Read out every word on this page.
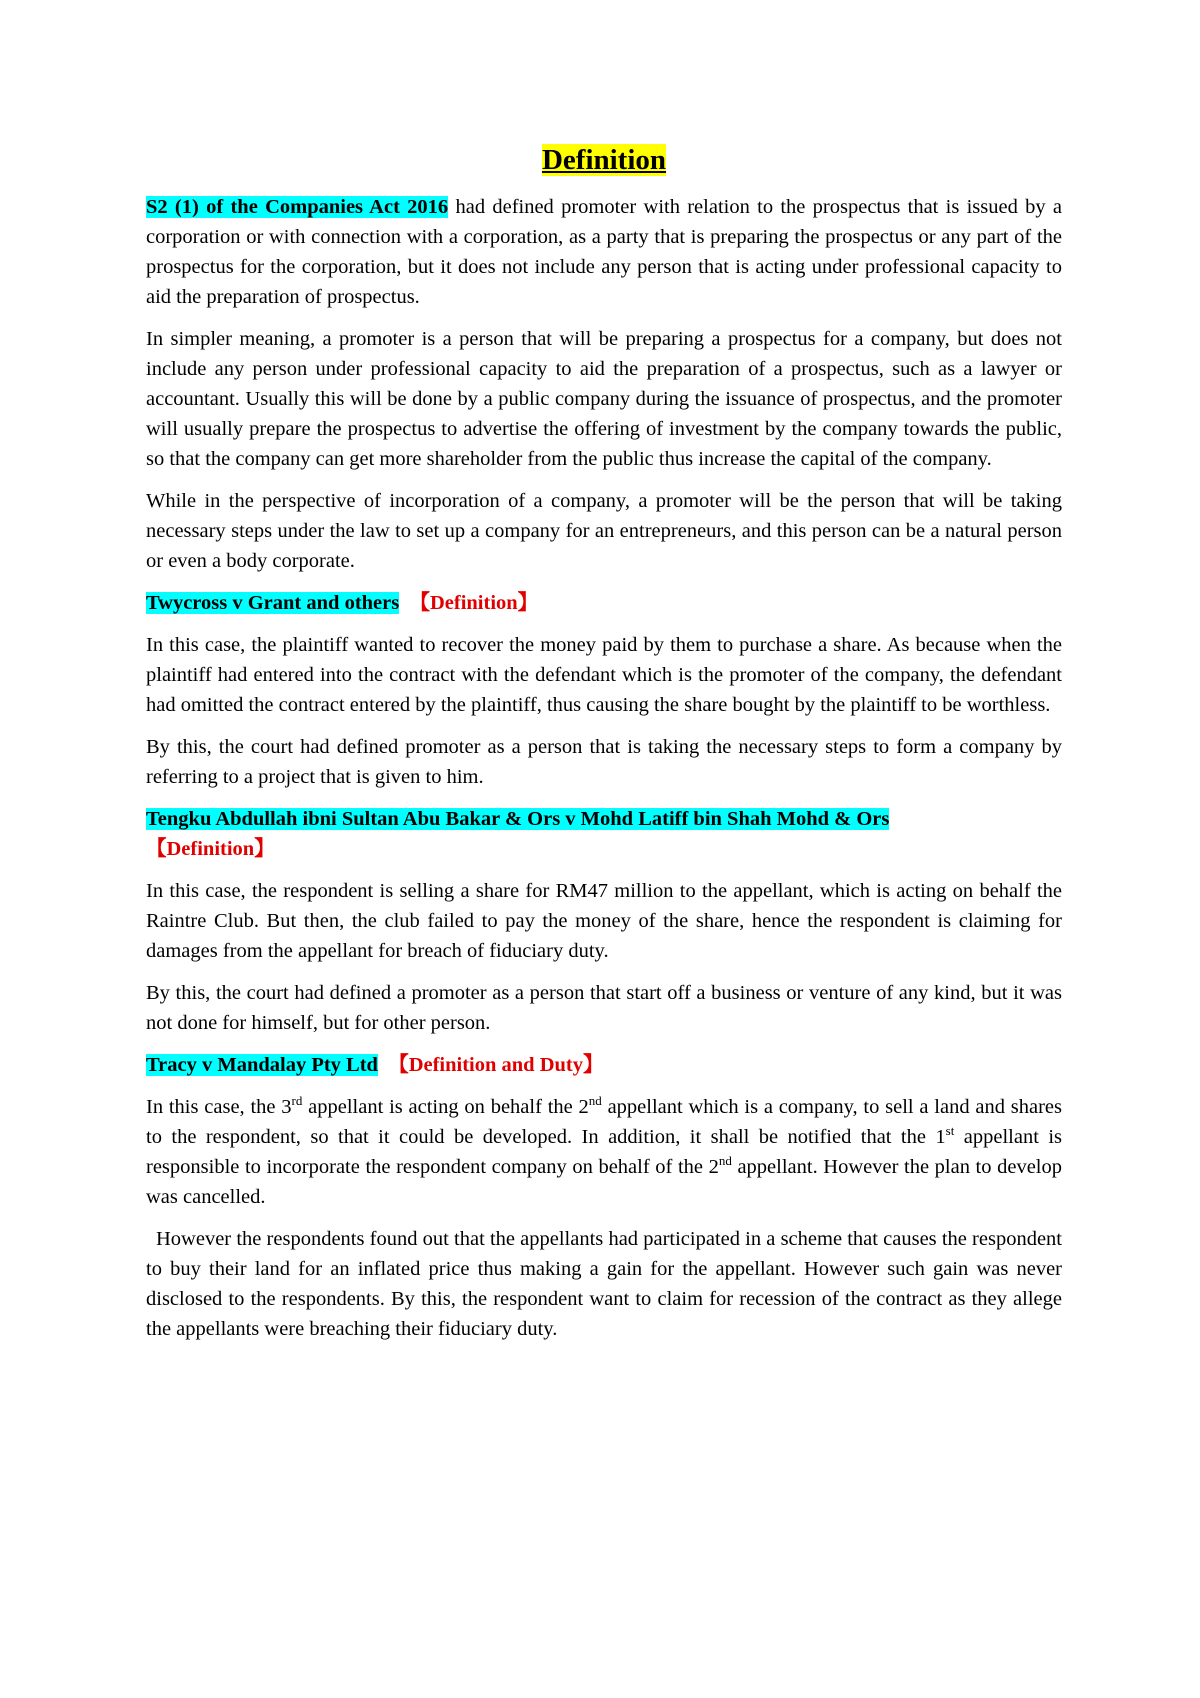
Definition

S2 (1) of the Companies Act 2016 had defined promoter with relation to the prospectus that is issued by a corporation or with connection with a corporation, as a party that is preparing the prospectus or any part of the prospectus for the corporation, but it does not include any person that is acting under professional capacity to aid the preparation of prospectus.

In simpler meaning, a promoter is a person that will be preparing a prospectus for a company, but does not include any person under professional capacity to aid the preparation of a prospectus, such as a lawyer or accountant. Usually this will be done by a public company during the issuance of prospectus, and the promoter will usually prepare the prospectus to advertise the offering of investment by the company towards the public, so that the company can get more shareholder from the public thus increase the capital of the company.

While in the perspective of incorporation of a company, a promoter will be the person that will be taking necessary steps under the law to set up a company for an entrepreneurs, and this person can be a natural person or even a body corporate.

Twycross v Grant and others 【Definition】

In this case, the plaintiff wanted to recover the money paid by them to purchase a share. As because when the plaintiff had entered into the contract with the defendant which is the promoter of the company, the defendant had omitted the contract entered by the plaintiff, thus causing the share bought by the plaintiff to be worthless.

By this, the court had defined promoter as a person that is taking the necessary steps to form a company by referring to a project that is given to him.

Tengku Abdullah ibni Sultan Abu Bakar & Ors v Mohd Latiff bin Shah Mohd & Ors
【Definition】

In this case, the respondent is selling a share for RM47 million to the appellant, which is acting on behalf the Raintre Club. But then, the club failed to pay the money of the share, hence the respondent is claiming for damages from the appellant for breach of fiduciary duty.

By this, the court had defined a promoter as a person that start off a business or venture of any kind, but it was not done for himself, but for other person.

Tracy v Mandalay Pty Ltd 【Definition and Duty】

In this case, the 3rd appellant is acting on behalf the 2nd appellant which is a company, to sell a land and shares to the respondent, so that it could be developed. In addition, it shall be notified that the 1st appellant is responsible to incorporate the respondent company on behalf of the 2nd appellant. However the plan to develop was cancelled.

However the respondents found out that the appellants had participated in a scheme that causes the respondent to buy their land for an inflated price thus making a gain for the appellant. However such gain was never disclosed to the respondents. By this, the respondent want to claim for recession of the contract as they allege the appellants were breaching their fiduciary duty.
